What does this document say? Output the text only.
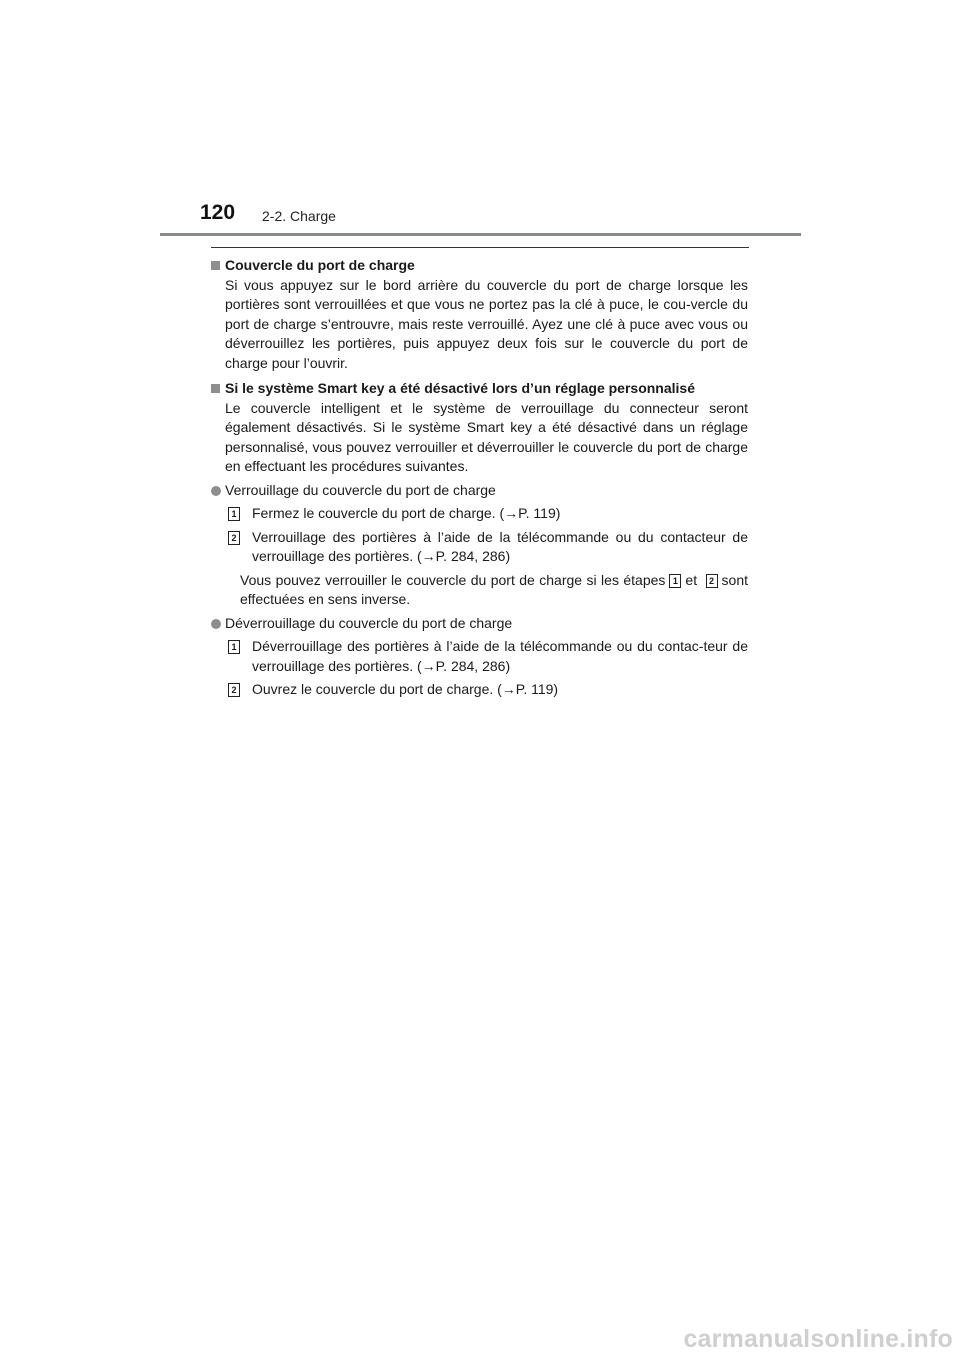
120 2-2. Charge

Couvercle du port de charge

Si vous appuyez sur le bord arrière du couvercle du port de charge lorsque les portières sont verrouillées et que vous ne portez pas la clé à puce, le cou-vercle du port de charge s’entrouvre, mais reste verrouillé. Ayez une clé à puce avec vous ou déverrouillez les portières, puis appuyez deux fois sur le couvercle du port de charge pour l’ouvrir.

Si le système Smart key a été désactivé lors d’un réglage personnalisé

Le couvercle intelligent et le système de verrouillage du connecteur seront également désactivés. Si le système Smart key a été désactivé dans un réglage personnalisé, vous pouvez verrouiller et déverrouiller le couvercle du port de charge en effectuant les procédures suivantes.

Verrouillage du couvercle du port de charge

1 Fermez le couvercle du port de charge. (→P. 119)

2 Verrouillage des portières à l’aide de la télécommande ou du contacteur de verrouillage des portières. (→P. 284, 286)

Vous pouvez verrouiller le couvercle du port de charge si les étapes 1 et 2 sont effectuées en sens inverse.

Déverrouillage du couvercle du port de charge

1 Déverrouillage des portières à l’aide de la télécommande ou du contac-teur de verrouillage des portières. (→P. 284, 286)

2 Ouvrez le couvercle du port de charge. (→P. 119)

carmanualsonline.info
